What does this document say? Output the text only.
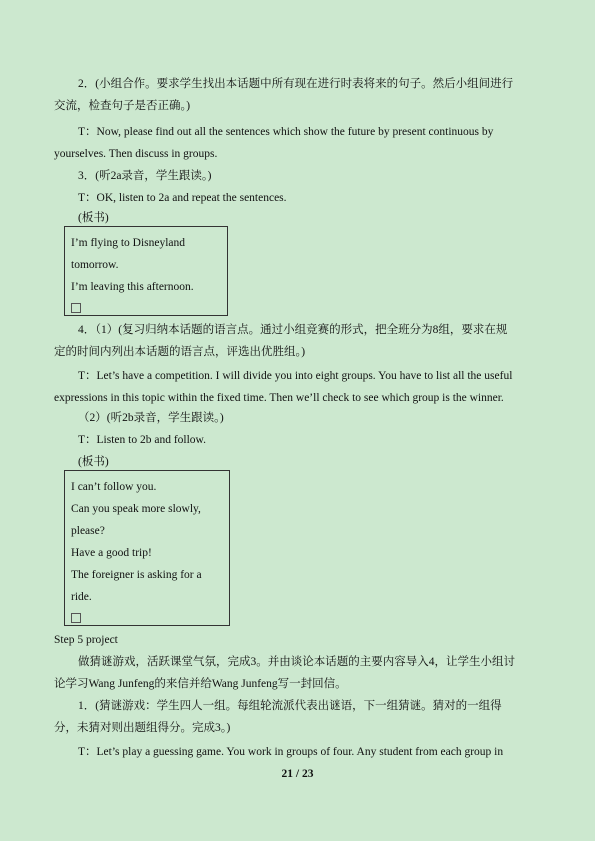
2．(小组合作。要求学生找出本话题中所有现在进行时表将来的句子。然后小组间进行
交流，检查句子是否正确。)
T：Now, please find out all the sentences which show the future by present continuous by
yourselves. Then discuss in groups.
3．(听2a录音，学生跟读。)
T：OK, listen to 2a and repeat the sentences.
(板书)
I’m flying to Disneyland
tomorrow.
I’m leaving this afternoon.
4．（1）(复习归纳本话题的语言点。通过小组竞赛的形式，把全班分为8组，要求在规
定的时间内列出本话题的语言点，评选出优胜组。)
T：Let’s have a competition. I will divide you into eight groups. You have to list all the useful
expressions in this topic within the fixed time. Then we’ll check to see which group is the winner.
（2）(听2b录音，学生跟读。)
T：Listen to 2b and follow.
(板书)
I can’t follow you.
Can you speak more slowly,
please?
Have a good trip!
The foreigner is asking for a
ride.
Step 5 project
做猜谜游戏，活跃课堂气氛，完成3。并由谈论本话题的主要内容导入4，让学生小组讨
论学习Wang Junfeng的来信并给Wang Junfeng写一封回信。
1．(猜谜游戏：学生四人一组。每组轮流派代表出谜语，下一组猜谜。猜对的一组得
分，未猜对则出题组得分。完成3。)
T：Let’s play a guessing game. You work in groups of four. Any student from each group in
21 / 23
